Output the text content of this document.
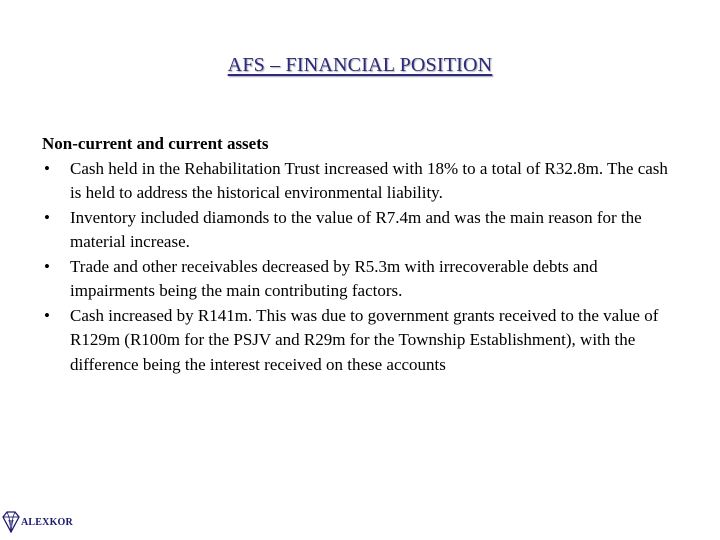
AFS – FINANCIAL POSITION

Non-current and current assets

• Cash held in the Rehabilitation Trust increased with 18% to a total of R32.8m. The cash is held to address the historical environmental liability.
• Inventory included diamonds to the value of R7.4m and was the main reason for the material increase.
• Trade and other receivables decreased by R5.3m with irrecoverable debts and impairments being the main contributing factors.
• Cash increased by R141m. This was due to government grants received to the value of R129m (R100m for the PSJV and R29m for the Township Establishment), with the difference being the interest received on these accounts
ALEXKOR
